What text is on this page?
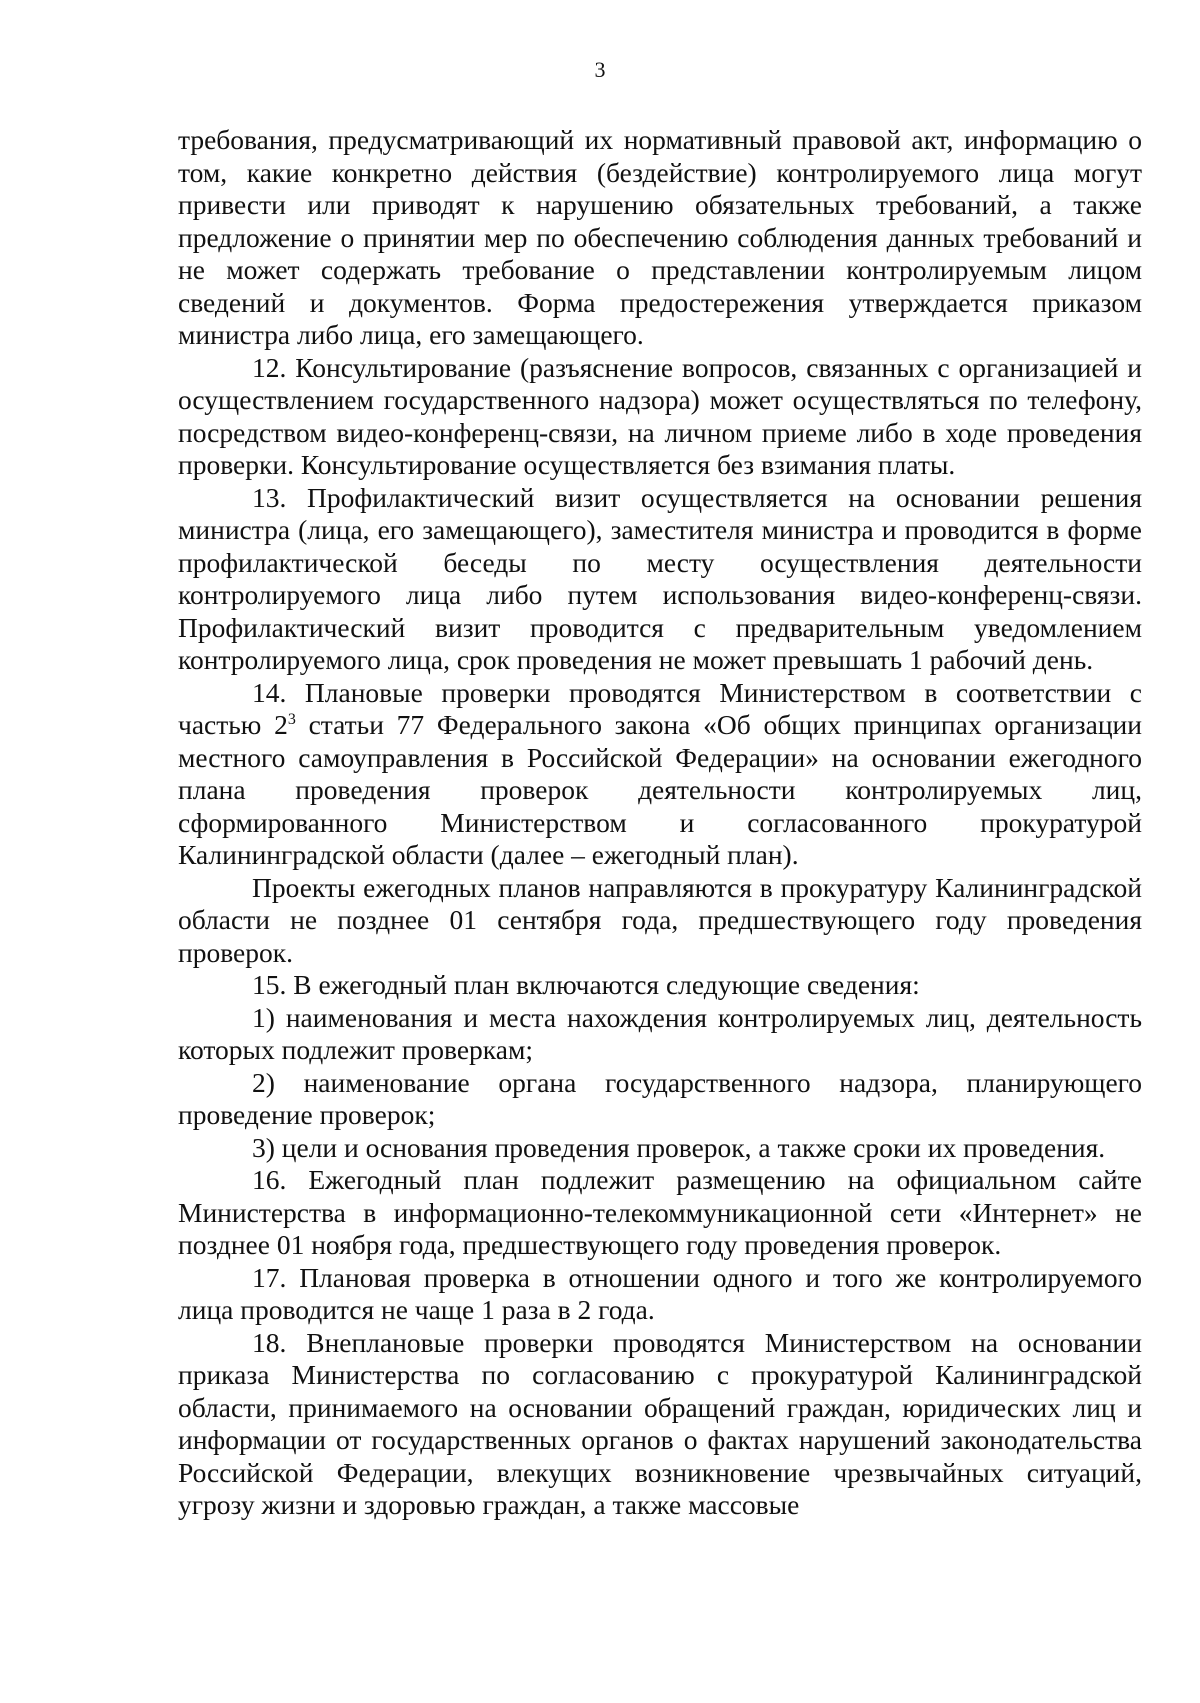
3

требования, предусматривающий их нормативный правовой акт, информацию о том, какие конкретно действия (бездействие) контролируемого лица могут привести или приводят к нарушению обязательных требований, а также предложение о принятии мер по обеспечению соблюдения данных требований и не может содержать требование о представлении контролируемым лицом сведений и документов. Форма предостережения утверждается приказом министра либо лица, его замещающего.

12. Консультирование (разъяснение вопросов, связанных с организацией и осуществлением государственного надзора) может осуществляться по телефону, посредством видео-конференц-связи, на личном приеме либо в ходе проведения проверки. Консультирование осуществляется без взимания платы.

13. Профилактический визит осуществляется на основании решения министра (лица, его замещающего), заместителя министра и проводится в форме профилактической беседы по месту осуществления деятельности контролируемого лица либо путем использования видео-конференц-связи. Профилактический визит проводится с предварительным уведомлением контролируемого лица, срок проведения не может превышать 1 рабочий день.

14. Плановые проверки проводятся Министерством в соответствии с частью $2^3$ статьи 77 Федерального закона «Об общих принципах организации местного самоуправления в Российской Федерации» на основании ежегодного плана проведения проверок деятельности контролируемых лиц, сформированного Министерством и согласованного прокуратурой Калининградской области (далее – ежегодный план).

Проекты ежегодных планов направляются в прокуратуру Калининградской области не позднее 01 сентября года, предшествующего году проведения проверок.

15. В ежегодный план включаются следующие сведения:

1) наименования и места нахождения контролируемых лиц, деятельность которых подлежит проверкам;

2) наименование органа государственного надзора, планирующего проведение проверок;

3) цели и основания проведения проверок, а также сроки их проведения.

16. Ежегодный план подлежит размещению на официальном сайте Министерства в информационно-телекоммуникационной сети «Интернет» не позднее 01 ноября года, предшествующего году проведения проверок.

17. Плановая проверка в отношении одного и того же контролируемого лица проводится не чаще 1 раза в 2 года.

18. Внеплановые проверки проводятся Министерством на основании приказа Министерства по согласованию с прокуратурой Калининградской области, принимаемого на основании обращений граждан, юридических лиц и информации от государственных органов о фактах нарушений законодательства Российской Федерации, влекущих возникновение чрезвычайных ситуаций, угрозу жизни и здоровью граждан, а также массовые
